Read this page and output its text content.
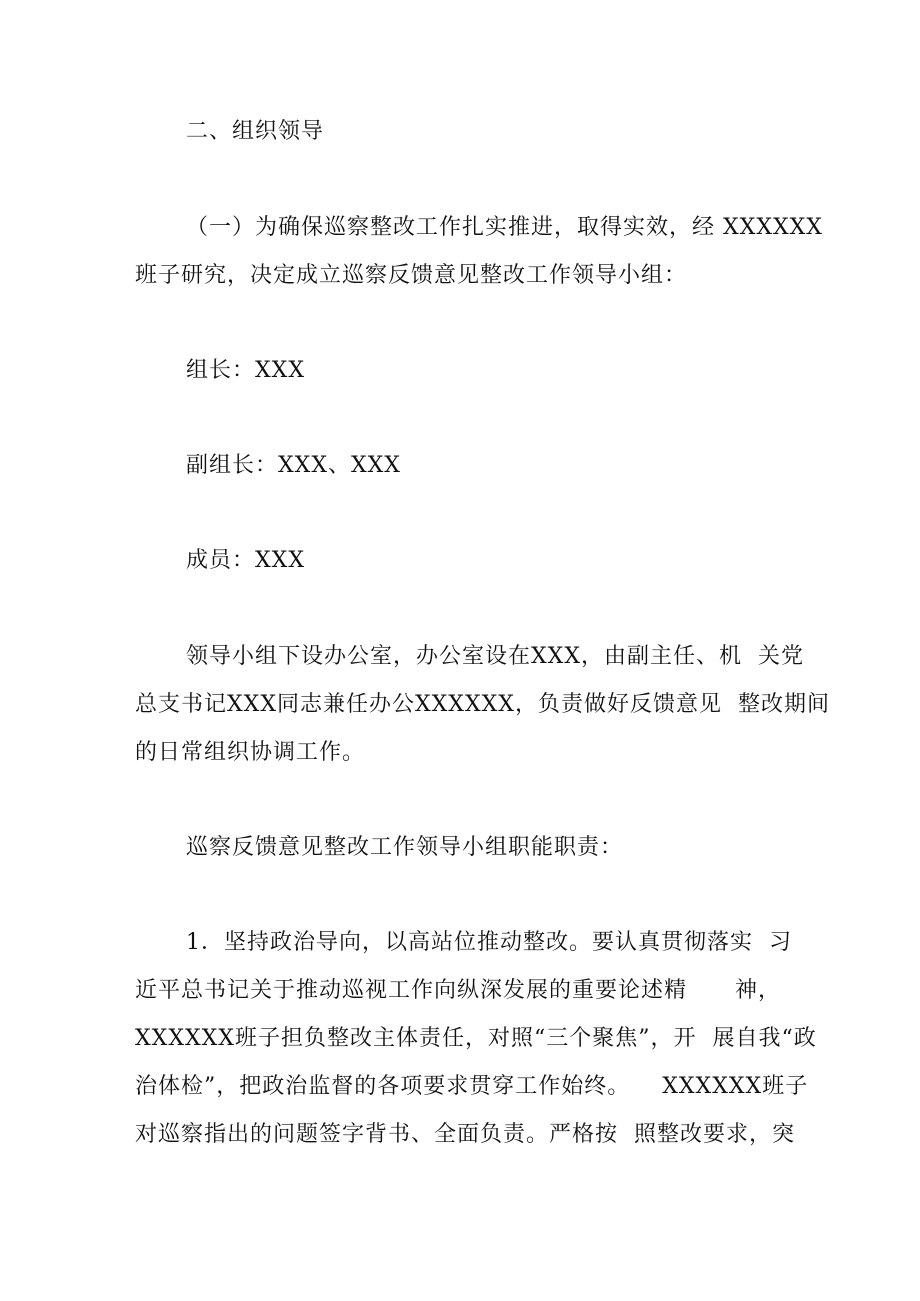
二、组织领导
（一）为确保巡察整改工作扎实推进，取得实效，经 XXXXXX
班子研究，决定成立巡察反馈意见整改工作领导小组：
组长：XXX
副组长：XXX、XXX
成员：XXX
领导小组下设办公室，办公室设在XXX，由副主任、机  关党
总支书记XXX同志兼任办公XXXXXX，负责做好反馈意见  整改期间
的日常组织协调工作。
巡察反馈意见整改工作领导小组职能职责：
1．坚持政治导向，以高站位推动整改。要认真贯彻落实  习
近平总书记关于推动巡视工作向纵深发展的重要论述精      神，
XXXXXX班子担负整改主体责任，对照“三个聚焦”，开  展自我“政
治体检”，把政治监督的各项要求贯穿工作始终。    XXXXXX班子
对巡察指出的问题签字背书、全面负责。严格按  照整改要求，突
